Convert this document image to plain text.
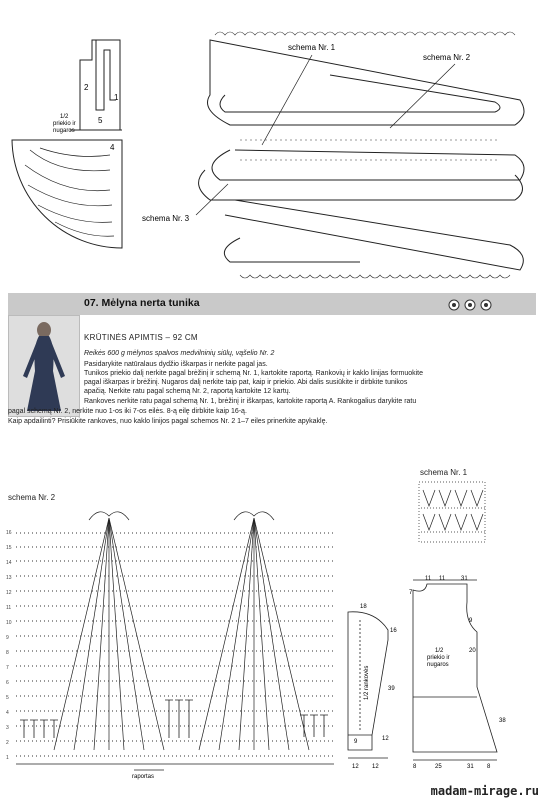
2
1
1/2
priekio ir
nugaros
5
4
schema Nr. 1
schema Nr. 2
schema Nr. 3
07. Mėlyna nerta tunika
KRŪTINĖS APIMTIS – 92 CM
Reikės 600 g mėlynos spalvos medvilninių siūlų, vąšelio Nr. 2
Pasidarykite natūralaus dydžio iškarpas ir nerkite pagal jas.
Tunikos priekio dalį nerkite pagal brėžinį ir schemą Nr. 1, kartokite raportą. Rankovių ir kaklo linijas formuokite
pagal iškarpas ir brėžinį. Nugaros dalį nerkite taip pat, kaip ir priekio. Abi dalis susiūkite ir dirbkite tunikos
apačią. Nerkite ratu pagal schemą Nr. 2, raportą kartokite 12 kartų.
Rankoves nerkite ratu pagal schemą Nr. 1, brėžinį ir iškarpas, kartokite raportą A. Rankogalius darykite ratu
pagal schemą Nr. 2, nerkite nuo 1-os iki 7-os eilės. 8-ą eilę dirbkite kaip 16-ą.
Kaip apdailinti? Prisiūkite rankoves, nuo kaklo linijos pagal schemos Nr. 2 1–7 eiles prinerkite apykaklę.
schema Nr. 2
schema Nr. 1
16
15
14
13
12
11
10
9
8
7
6
5
4
3
2
1
raportas
18
16
39
12
12 12
9
1/2 rankovės
7
11 11	31
9
20
1/2
priekio ir
nugaros
8	25	31 8
38
madam-mirage.ru
